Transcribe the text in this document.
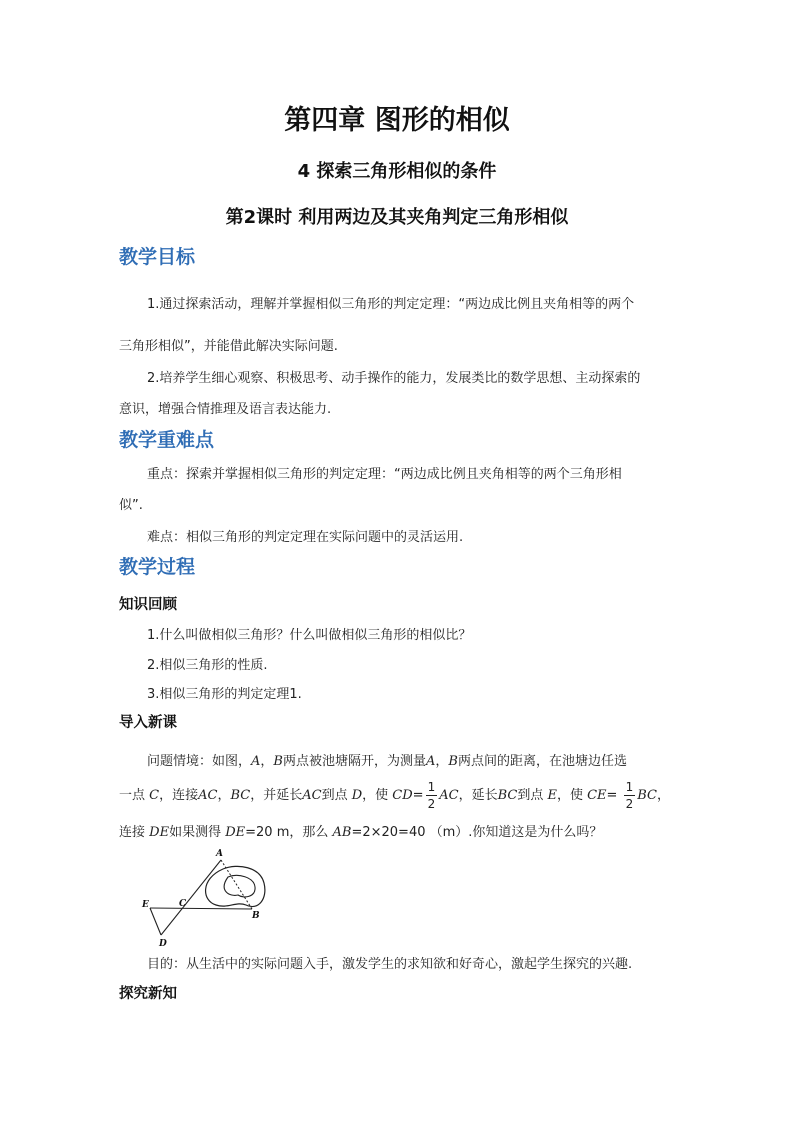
第四章 图形的相似
4 探索三角形相似的条件
第2课时 利用两边及其夹角判定三角形相似
教学目标
1.通过探索活动，理解并掌握相似三角形的判定定理：“两边成比例且夹角相等的两个
三角形相似”，并能借此解决实际问题.
2.培养学生细心观察、积极思考、动手操作的能力，发展类比的数学思想、主动探索的
意识，增强合情推理及语言表达能力.
教学重难点
重点：探索并掌握相似三角形的判定定理：“两边成比例且夹角相等的两个三角形相
似”.
难点：相似三角形的判定定理在实际问题中的灵活运用.
教学过程
知识回顾
1.什么叫做相似三角形？什么叫做相似三角形的相似比？
2.相似三角形的性质.
3.相似三角形的判定定理1.
导入新课
问题情境：如图，A，B两点被池塘隔开，为测量A，B两点间的距离，在池塘边任选
一点 C，连接AC，BC，并延长AC到点 D，使 $CD= \frac{1}{2}$ AC，延长BC到点 E，使 $CE= \frac{1}{2}$ BC，
连接 DE如果测得 DE=20 m，那么 AB=2×20=40 （m）.你知道这是为什么吗？
A
B
C
D
E
目的：从生活中的实际问题入手，激发学生的求知欲和好奇心，激起学生探究的兴趣.
探究新知
